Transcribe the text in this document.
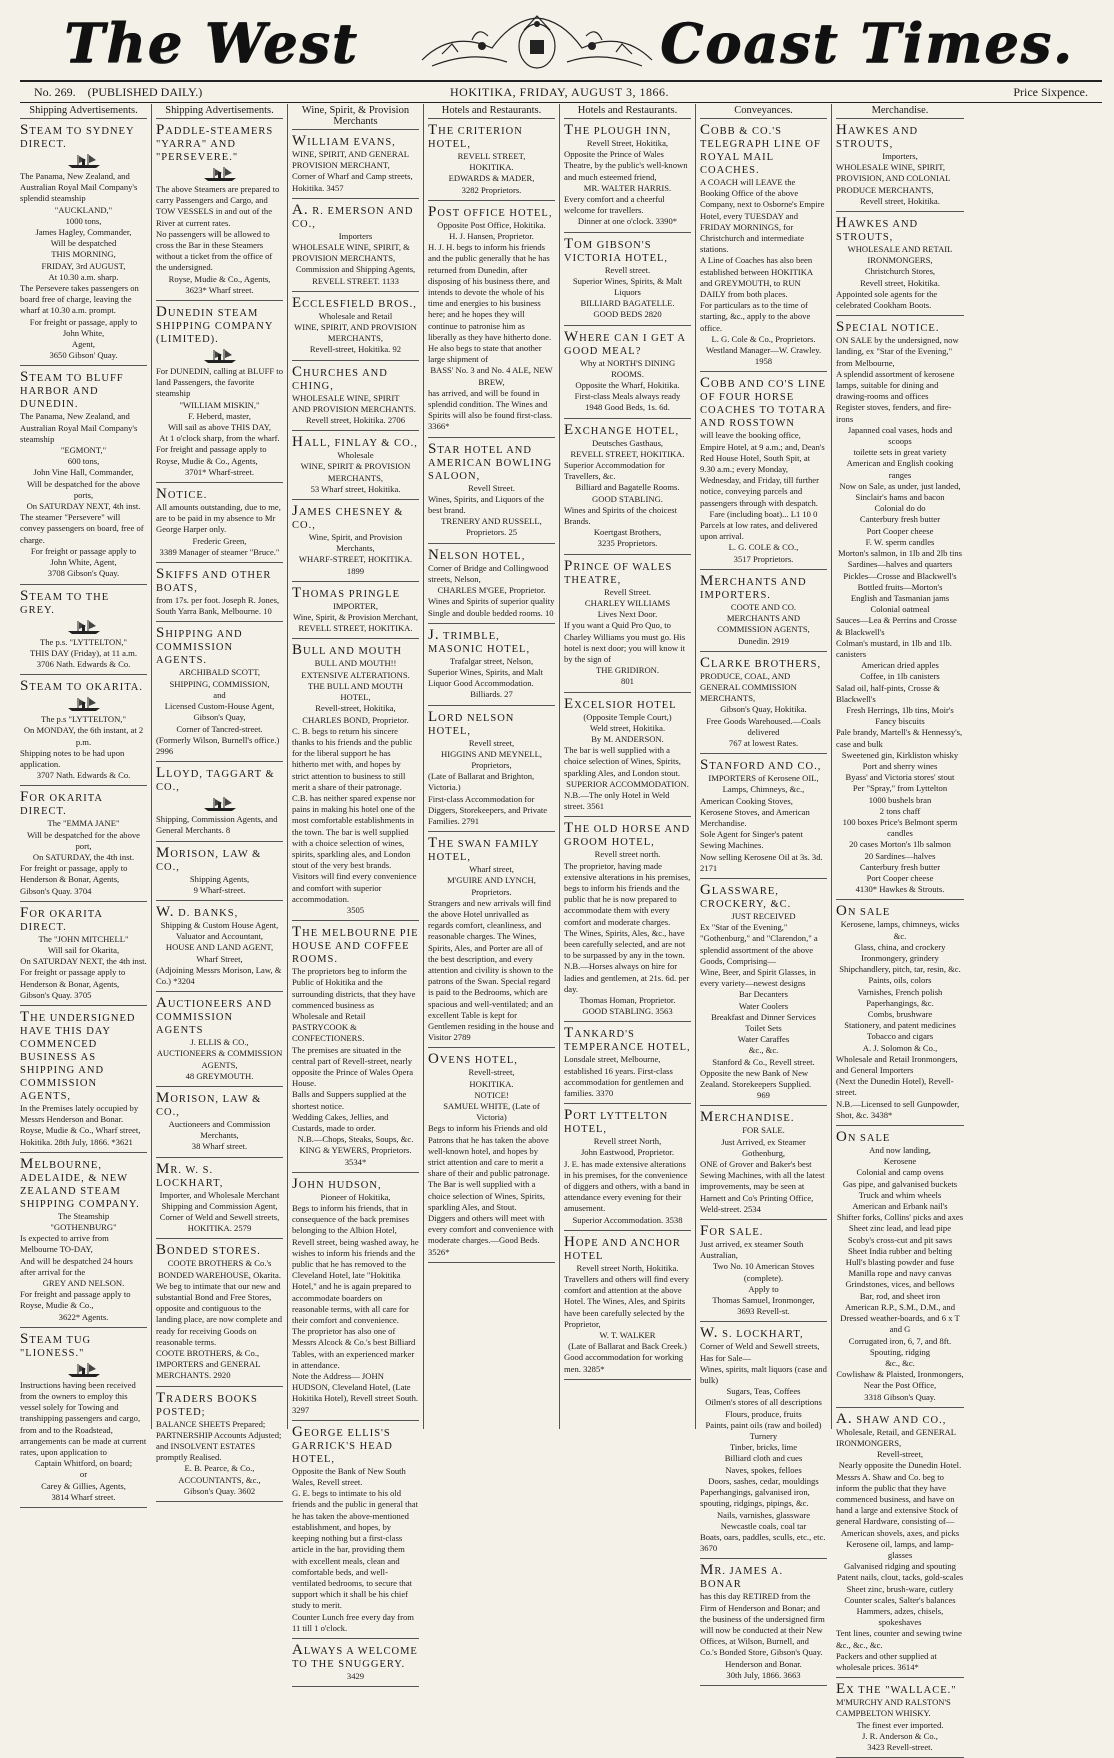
The West	Coast Times.
No. 269. (PUBLISHED DAILY.)	HOKITIKA, FRIDAY, AUGUST 3, 1866.	Price Sixpence.
Shipping Advertisements.
STEAM TO SYDNEY DIRECT.
The Panama, New Zealand, and Australian Royal Mail Company's splendid steamship
"AUCKLAND,"
1000 tons,
James Hagley, Commander,
Will be despatched
THIS MORNING,
FRIDAY, 3rd AUGUST,
At 10.30 a.m. sharp.
The Persevere takes passengers on board free of charge, leaving the wharf at 10.30 a.m. prompt.
For freight or passage, apply to
John White,
Agent,
3650 Gibson' Quay.
STEAM TO BLUFF HARBOR AND DUNEDIN.
The Panama, New Zealand, and Australian Royal Mail Company's steamship
"EGMONT,"
600 tons,
John Vine Hall, Commander,
Will be despatched for the above ports,
On SATURDAY NEXT, 4th inst.
The steamer "Persevere" will convey passengers on board, free of charge.
For freight or passage apply to
John White, Agent,
3708 Gibson's Quay.
STEAM TO THE GREY.
The p.s. "LYTTELTON,"
THIS DAY (Friday), at 11 a.m.
3706 Nath. Edwards & Co.
STEAM TO OKARITA.
The p.s "LYTTELTON,"
On MONDAY, the 6th instant, at 2 p.m.
Shipping notes to be had upon application.
3707 Nath. Edwards & Co.
FOR OKARITA DIRECT.
The "EMMA JANE"
Will be despatched for the above port,
On SATURDAY, the 4th inst.
For freight or passage, apply to Henderson & Bonar, Agents, Gibson's Quay. 3704
FOR OKARITA DIRECT.
The "JOHN MITCHELL"
Will sail for Okarita,
On SATURDAY NEXT, the 4th inst.
For freight or passage apply to Henderson & Bonar, Agents, Gibson's Quay. 3705
THE UNDERSIGNED HAVE THIS DAY COMMENCED BUSINESS AS SHIPPING AND COMMISSION AGENTS,
In the Premises lately occupied by Messrs Henderson and Bonar.
Royse, Mudie & Co., Wharf street, Hokitika. 28th July, 1866. *3621
MELBOURNE, ADELAIDE, & NEW ZEALAND STEAM SHIPPING COMPANY.
The Steamship
"GOTHENBURG"
Is expected to arrive from Melbourne TO-DAY,
And will be despatched 24 hours after arrival for the
GREY AND NELSON.
For freight and passage apply to Royse, Mudie & Co.,
3622* Agents.
STEAM TUG "LIONESS."
Instructions having been received from the owners to employ this vessel solely for Towing and transhipping passengers and cargo, from and to the Roadstead, arrangements can be made at current rates, upon application to
Captain Whitford, on board;
or
Carey & Gillies, Agents,
3814 Wharf street.
Shipping Advertisements.
PADDLE-STEAMERS "YARRA" AND "PERSEVERE."
The above Steamers are prepared to carry Passengers and Cargo, and TOW VESSELS in and out of the River at current rates.
No passengers will be allowed to cross the Bar in these Steamers without a ticket from the office of the undersigned.
Royse, Mudie & Co., Agents,
3623* Wharf street.
DUNEDIN STEAM SHIPPING COMPANY (LIMITED).
For DUNEDIN, calling at BLUFF to land Passengers, the favorite steamship
"WILLIAM MISKIN,"
F. Heberd, master,
Will sail as above THIS DAY,
At 1 o'clock sharp, from the wharf.
For freight and passage apply to Royse, Mudie & Co., Agents,
3701* Wharf-street.
NOTICE.
All amounts outstanding, due to me, are to be paid in my absence to Mr George Harper only.
Frederic Green,
3389 Manager of steamer "Bruce."
SKIFFS AND OTHER BOATS,
from 17s. per foot. Joseph R. Jones, South Yarra Bank, Melbourne. 10
SHIPPING AND COMMISSION AGENTS.
ARCHIBALD SCOTT,
SHIPPING, COMMISSION,
and
Licensed Custom-House Agent,
Gibson's Quay,
Corner of Tancred-street.
(Formerly Wilson, Burnell's office.) 2996
LLOYD, TAGGART & CO.,
Shipping, Commission Agents, and General Merchants. 8
MORISON, LAW & CO.,
Shipping Agents,
9 Wharf-street.
W. D. BANKS,
Shipping & Custom House Agent,
Valuator and Accountant,
HOUSE AND LAND AGENT,
Wharf Street,
(Adjoining Messrs Morison, Law, & Co.) *3204
AUCTIONEERS AND COMMISSION AGENTS
J. ELLIS & CO.,
AUCTIONEERS & COMMISSION AGENTS,
48 GREYMOUTH.
MORISON, LAW & CO.,
Auctioneers and Commission Merchants,
38 Wharf street.
MR. W. S. LOCKHART,
Importer, and Wholesale Merchant
Shipping and Commission Agent,
Corner of Weld and Sewell streets,
HOKITIKA. 2579
BONDED STORES.
COOTE BROTHERS & Co.'s
BONDED WAREHOUSE, Okarita.
We beg to intimate that our new and substantial Bond and Free Stores, opposite and contiguous to the landing place, are now complete and ready for receiving Goods on reasonable terms.
COOTE BROTHERS, & Co., IMPORTERS and GENERAL MERCHANTS. 2920
TRADERS BOOKS POSTED;
BALANCE SHEETS Prepared; PARTNERSHIP Accounts Adjusted; and INSOLVENT ESTATES promptly Realised.
E. B. Pearce, & Co.,
ACCOUNTANTS, &c.,
Gibson's Quay. 3602
Wine, Spirit, & Provision Merchants
WILLIAM EVANS,
WINE, SPIRIT, AND GENERAL PROVISION MERCHANT,
Corner of Wharf and Camp streets, Hokitika. 3457
A. R. EMERSON AND CO.,
Importers
WHOLESALE WINE, SPIRIT, & PROVISION MERCHANTS,
Commission and Shipping Agents,
REVELL STREET. 1133
ECCLESFIELD BROS.,
Wholesale and Retail
WINE, SPIRIT, AND PROVISION MERCHANTS,
Revell-street, Hokitika. 92
CHURCHES AND CHING,
WHOLESALE WINE, SPIRIT AND PROVISION MERCHANTS.
Revell street, Hokitika. 2706
HALL, FINLAY & CO.,
Wholesale
WINE, SPIRIT & PROVISION MERCHANTS,
53 Wharf street, Hokitika.
JAMES CHESNEY & CO.,
Wine, Spirit, and Provision Merchants,
WHARF-STREET, HOKITIKA. 1899
THOMAS PRINGLE
IMPORTER,
Wine, Spirit, & Provision Merchant,
REVELL STREET, HOKITIKA.
BULL AND MOUTH
BULL AND MOUTH!!
EXTENSIVE ALTERATIONS.
THE BULL AND MOUTH HOTEL,
Revell-street, Hokitika,
CHARLES BOND, Proprietor.
C. B. begs to return his sincere thanks to his friends and the public for the liberal support he has hitherto met with, and hopes by strict attention to business to still merit a share of their patronage.
C.B. has neither spared expense nor pains in making his hotel one of the most comfortable establishments in the town. The bar is well supplied with a choice selection of wines, spirits, sparkling ales, and London stout of the very best brands. Visitors will find every convenience and comfort with superior accommodation.
3505
THE MELBOURNE PIE HOUSE AND COFFEE ROOMS.
The proprietors beg to inform the Public of Hokitika and the surrounding districts, that they have commenced business as
Wholesale and Retail PASTRYCOOK & CONFECTIONERS.
The premises are situated in the central part of Revell-street, nearly opposite the Prince of Wales Opera House.
Balls and Suppers supplied at the shortest notice.
Wedding Cakes, Jellies, and Custards, made to order.
N.B.—Chops, Steaks, Soups, &c.
KING & YEWERS, Proprietors.
3534*
JOHN HUDSON,
Pioneer of Hokitika,
Begs to inform his friends, that in consequence of the back premises belonging to the Albion Hotel, Revell street, being washed away, he wishes to inform his friends and the public that he has removed to the Cleveland Hotel, late "Hokitika Hotel," and he is again prepared to accommodate boarders on reasonable terms, with all care for their comfort and convenience.
The proprietor has also one of Messrs Alcock & Co.'s best Billiard Tables, with an experienced marker in attendance.
Note the Address— JOHN HUDSON, Cleveland Hotel, (Late Hokitika Hotel), Revell street South. 3297
GEORGE ELLIS'S GARRICK'S HEAD HOTEL,
Opposite the Bank of New South Wales, Revell street.
G. E. begs to intimate to his old friends and the public in general that he has taken the above-mentioned establishment, and hopes, by keeping nothing but a first-class article in the bar, providing them with excellent meals, clean and comfortable beds, and well-ventilated bedrooms, to secure that support which it shall be his chief study to merit.
Counter Lunch free every day from 11 till 1 o'clock.
ALWAYS A WELCOME TO THE SNUGGERY.
3429
Hotels and Restaurants.
THE CRITERION HOTEL,
REVELL STREET,
HOKITIKA.
EDWARDS & MADER,
3282 Proprietors.
POST OFFICE HOTEL,
Opposite Post Office, Hokitika.
H. J. Hansen, Proprietor.
H. J. H. begs to inform his friends and the public generally that he has returned from Dunedin, after disposing of his business there, and intends to devote the whole of his time and energies to his business here; and he hopes they will continue to patronise him as liberally as they have hitherto done. He also begs to state that another large shipment of
BASS' No. 3 and No. 4 ALE, NEW BREW,
has arrived, and will be found in splendid condition. The Wines and Spirits will also be found first-class. 3366*
STAR HOTEL AND AMERICAN BOWLING SALOON,
Revell Street.
Wines, Spirits, and Liquors of the best brand.
TRENERY AND RUSSELL, Proprietors. 25
NELSON HOTEL,
Corner of Bridge and Collingwood streets, Nelson,
CHARLES M'GEE, Proprietor.
Wines and Spirits of superior quality Single and double bedded rooms. 10
J. TRIMBLE, MASONIC HOTEL,
Trafalgar street, Nelson,
Superior Wines, Spirits, and Malt Liquor Good Accommodation.
Billiards. 27
LORD NELSON HOTEL,
Revell street,
HIGGINS AND MEYNELL, Proprietors,
(Late of Ballarat and Brighton, Victoria.)
First-class Accommodation for Diggers, Storekeepers, and Private Families. 2791
THE SWAN FAMILY HOTEL,
Wharf street,
M'GUIRE AND LYNCH, Proprietors.
Strangers and new arrivals will find the above Hotel unrivalled as regards comfort, cleanliness, and reasonable charges. The Wines, Spirits, Ales, and Porter are all of the best description, and every attention and civility is shown to the patrons of the Swan. Special regard is paid to the Bedrooms, which are spacious and well-ventilated; and an excellent Table is kept for Gentlemen residing in the house and Visitor 2789
OVENS HOTEL,
Revell-street,
HOKITIKA.
NOTICE!
SAMUEL WHITE, (Late of Victoria)
Begs to inform his Friends and old Patrons that he has taken the above well-known hotel, and hopes by strict attention and care to merit a share of their and public patronage.
The Bar is well supplied with a choice selection of Wines, Spirits, sparkling Ales, and Stout.
Diggers and others will meet with every comfort and convenience with moderate charges.—Good Beds. 3526*
Hotels and Restaurants.
THE PLOUGH INN,
Revell Street, Hokitika,
Opposite the Prince of Wales Theatre, by the public's well-known and much esteemed friend,
MR. WALTER HARRIS.
Every comfort and a cheerful welcome for travellers.
Dinner at one o'clock. 3390*
TOM GIBSON'S VICTORIA HOTEL,
Revell street.
Superior Wines, Spirits, & Malt Liquors
BILLIARD BAGATELLE.
GOOD BEDS 2820
WHERE CAN I GET A GOOD MEAL?
Why at NORTH'S DINING ROOMS.
Opposite the Wharf, Hokitika.
First-class Meals always ready
1948 Good Beds, 1s. 6d.
EXCHANGE HOTEL,
Deutsches Gasthaus,
REVELL STREET, HOKITIKA.
Superior Accommodation for Travellers, &c.
Billiard and Bagatelle Rooms.
GOOD STABLING.
Wines and Spirits of the choicest Brands.
Koertgast Brothers,
3235 Proprietors.
PRINCE OF WALES THEATRE,
Revell Street.
CHARLEY WILLIAMS
Lives Next Door.
If you want a Quid Pro Quo, to Charley Williams you must go. His hotel is next door; you will know it by the sign of
THE GRIDIRON.
801
EXCELSIOR HOTEL
(Opposite Temple Court,)
Weld street, Hokitika.
By M. ANDERSON.
The bar is well supplied with a choice selection of Wines, Spirits, sparkling Ales, and London stout.
SUPERIOR ACCOMMODATION.
N.B.—The only Hotel in Weld street. 3561
THE OLD HORSE AND GROOM HOTEL,
Revell street north.
The proprietor, having made extensive alterations in his premises, begs to inform his friends and the public that he is now prepared to accommodate them with every comfort and moderate charges.
The Wines, Spirits, Ales, &c., have been carefully selected, and are not to be surpassed by any in the town.
N.B.—Horses always on hire for ladies and gentlemen, at 21s. 6d. per day.
Thomas Homan, Proprietor.
GOOD STABLING. 3563
TANKARD'S TEMPERANCE HOTEL,
Lonsdale street, Melbourne, established 16 years. First-class accommodation for gentlemen and families. 3370
PORT LYTTELTON HOTEL,
Revell street North,
John Eastwood, Proprietor.
J. E. has made extensive alterations in his premises, for the convenience of diggers and others, with a band in attendance every evening for their amusement.
Superior Accommodation. 3538
HOPE AND ANCHOR HOTEL
Revell street North, Hokitika.
Travellers and others will find every comfort and attention at the above Hotel. The Wines, Ales, and Spirits have been carefully selected by the Proprietor,
W. T. WALKER
(Late of Ballarat and Back Creek.)
Good accommodation for working men. 3285*
Conveyances.
COBB & CO.'S TELEGRAPH LINE OF ROYAL MAIL COACHES.
A COACH will LEAVE the Booking Office of the above Company, next to Osborne's Empire Hotel, every TUESDAY and FRIDAY MORNINGS, for Christchurch and intermediate stations.
A Line of Coaches has also been established between HOKITIKA and GREYMOUTH, to RUN DAILY from both places.
For particulars as to the time of starting, &c., apply to the above office.
L. G. Cole & Co., Proprietors.
Westland Manager—W. Crawley. 1958
COBB AND CO'S LINE OF FOUR HORSE COACHES TO TOTARA AND ROSSTOWN
will leave the booking office, Empire Hotel, at 9 a.m.; and, Dean's Red House Hotel, South Spit, at 9.30 a.m.; every Monday, Wednesday, and Friday, till further notice, conveying parcels and passengers through with despatch.
Fare (including boat)... L1 10 0
Parcels at low rates, and delivered upon arrival.
L. G. COLE & CO.,
3517 Proprietors.
MERCHANTS AND IMPORTERS.
COOTE AND CO.
MERCHANTS AND COMMISSION AGENTS,
Dunedin. 2919
CLARKE BROTHERS,
PRODUCE, COAL, AND GENERAL COMMISSION MERCHANTS,
Gibson's Quay, Hokitika.
Free Goods Warehoused.—Coals delivered
767 at lowest Rates.
STANFORD AND CO.,
IMPORTERS of Kerosene OIL,
Lamps, Chimneys, &c.,
American Cooking Stoves, Kerosene Stoves, and American Merchandise.
Sole Agent for Singer's patent Sewing Machines.
Now selling Kerosene Oil at 3s. 3d. 2171
GLASSWARE, CROCKERY, &C.
JUST RECEIVED
Ex "Star of the Evening," "Gothenburg," and "Clarendon," a splendid assortment of the above Goods, Comprising—
Wine, Beer, and Spirit Glasses, in every variety—newest designs
Bar Decanters
Water Coolers
Breakfast and Dinner Services
Toilet Sets
Water Caraffes
&c., &c.
Stanford & Co., Revell street.
Opposite the new Bank of New Zealand. Storekeepers Supplied.
969
MERCHANDISE.
FOR SALE.
Just Arrived, ex Steamer Gothenburg,
ONE of Grover and Baker's best Sewing Machines, with all the latest improvements, may be seen at Harnett and Co's Printing Office, Weld-street. 2534
FOR SALE.
Just arrived, ex steamer South Australian,
Two No. 10 American Stoves (complete).
Apply to
Thomas Samuel, Ironmonger,
3693 Revell-st.
W. S. LOCKHART,
Corner of Weld and Sewell streets, Has for Sale—
Wines, spirits, malt liquors (case and bulk)
Sugars, Teas, Coffees
Oilmen's stores of all descriptions
Flours, produce, fruits
Paints, paint oils (raw and boiled)
Turnery
Tinber, bricks, lime
Billiard cloth and cues
Naves, spokes, felloes
Doors, sashes, cedar, mouldings
Paperhangings, galvanised iron, spouting, ridgings, pipings, &c.
Nails, varnishes, glassware
Newcastle coals, coal tar
Boats, oars, paddles, sculls, etc., etc. 3670
MR. JAMES A. BONAR
has this day RETIRED from the Firm of Henderson and Bonar; and the business of the undersigned firm will now be conducted at their New Offices, at Wilson, Burnell, and Co.'s Bonded Store, Gibson's Quay.
Henderson and Bonar.
30th July, 1866. 3663
Merchandise.
HAWKES AND STROUTS,
Importers,
WHOLESALE WINE, SPIRIT, PROVISION, AND COLONIAL PRODUCE MERCHANTS,
Revell street, Hokitika.
HAWKES AND STROUTS,
WHOLESALE AND RETAIL IRONMONGERS,
Christchurch Stores,
Revell street, Hokitika.
Appointed sole agents for the celebrated Cookham Boots.
SPECIAL NOTICE.
ON SALE by the undersigned, now landing, ex "Star of the Evening," from Melbourne,
A splendid assortment of kerosene lamps, suitable for dining and drawing-rooms and offices
Register stoves, fenders, and fire-irons
Japanned coal vases, hods and scoops
toilette sets in great variety
American and English cooking ranges
Now on Sale, as under, just landed,
Sinclair's hams and bacon
Colonial do do
Canterbury fresh butter
Port Cooper cheese
F. W. sperm candles
Morton's salmon, in 1lb and 2lb tins
Sardines—halves and quarters
Pickles—Crosse and Blackwell's
Bottled fruits—Morton's
English and Tasmanian jams
Colonial oatmeal
Sauces—Lea & Perrins and Crosse & Blackwell's
Colman's mustard, in 1lb and 1lb. canisters
American dried apples
Coffee, in 1lb canisters
Salad oil, half-pints, Crosse & Blackwell's
Fresh Herrings, 1lb tins, Moir's
Fancy biscuits
Pale brandy, Martell's & Hennessy's, case and bulk
Sweetened gin, Kirkliston whisky
Port and sherry wines
Byass' and Victoria stores' stout
Per "Spray," from Lyttelton
1000 bushels bran
2 tons chaff
100 boxes Price's Belmont sperm candles
20 cases Morton's 1lb salmon
20 Sardines—halves
Canterbury fresh butter
Port Cooper cheese
4130* Hawkes & Strouts.
ON SALE
Kerosene, lamps, chimneys, wicks &c.
Glass, china, and crockery
Ironmongery, grindery
Shipchandlery, pitch, tar, resin, &c.
Paints, oils, colors
Varnishes, French polish
Paperhangings, &c.
Combs, brushware
Stationery, and patent medicines
Tobacco and cigars
A. J. Solomon & Co.,
Wholesale and Retail Ironmongers, and General Importers
(Next the Dunedin Hotel), Revell-street.
N.B.—Licensed to sell Gunpowder, Shot, &c. 3438*
ON SALE
And now landing,
Kerosene
Colonial and camp ovens
Gas pipe, and galvanised buckets
Truck and whim wheels
American and Erbank nail's
Shifter forks, Collins' picks and axes
Sheet zinc lead, and lead pipe
Scoby's cross-cut and pit saws
Sheet India rubber and belting
Hull's blasting powder and fuse
Manilla rope and navy canvas
Grindstones, vices, and bellows
Bar, rod, and sheet iron
American R.P., S.M., D.M., and
Dressed weather-boards, and 6 x T and G
Corrugated iron, 6, 7, and 8ft.
Spouting, ridging
&c., &c.
Cowlishaw & Plaisted, Ironmongers,
Near the Post Office,
3318 Gibson's Quay.
A. SHAW AND CO.,
Wholesale, Retail, and GENERAL IRONMONGERS,
Revell-street,
Nearly opposite the Dunedin Hotel.
Messrs A. Shaw and Co. beg to inform the public that they have commenced business, and have on hand a large and extensive Stock of general Hardware, consisting of—
American shovels, axes, and picks
Kerosene oil, lamps, and lamp-glasses
Galvanised ridging and spouting
Patent nails, clout, tacks, gold-scales
Sheet zinc, brush-ware, cutlery
Counter scales, Salter's balances
Hammers, adzes, chisels, spokeshaves
Tent lines, counter and sewing twine &c., &c., &c.
Packers and other supplied at wholesale prices. 3614*
EX THE "WALLACE."
M'MURCHY AND RALSTON'S CAMPBELTON WHISKY.
The finest ever imported.
J. R. Anderson & Co.,
3423 Revell-street.
